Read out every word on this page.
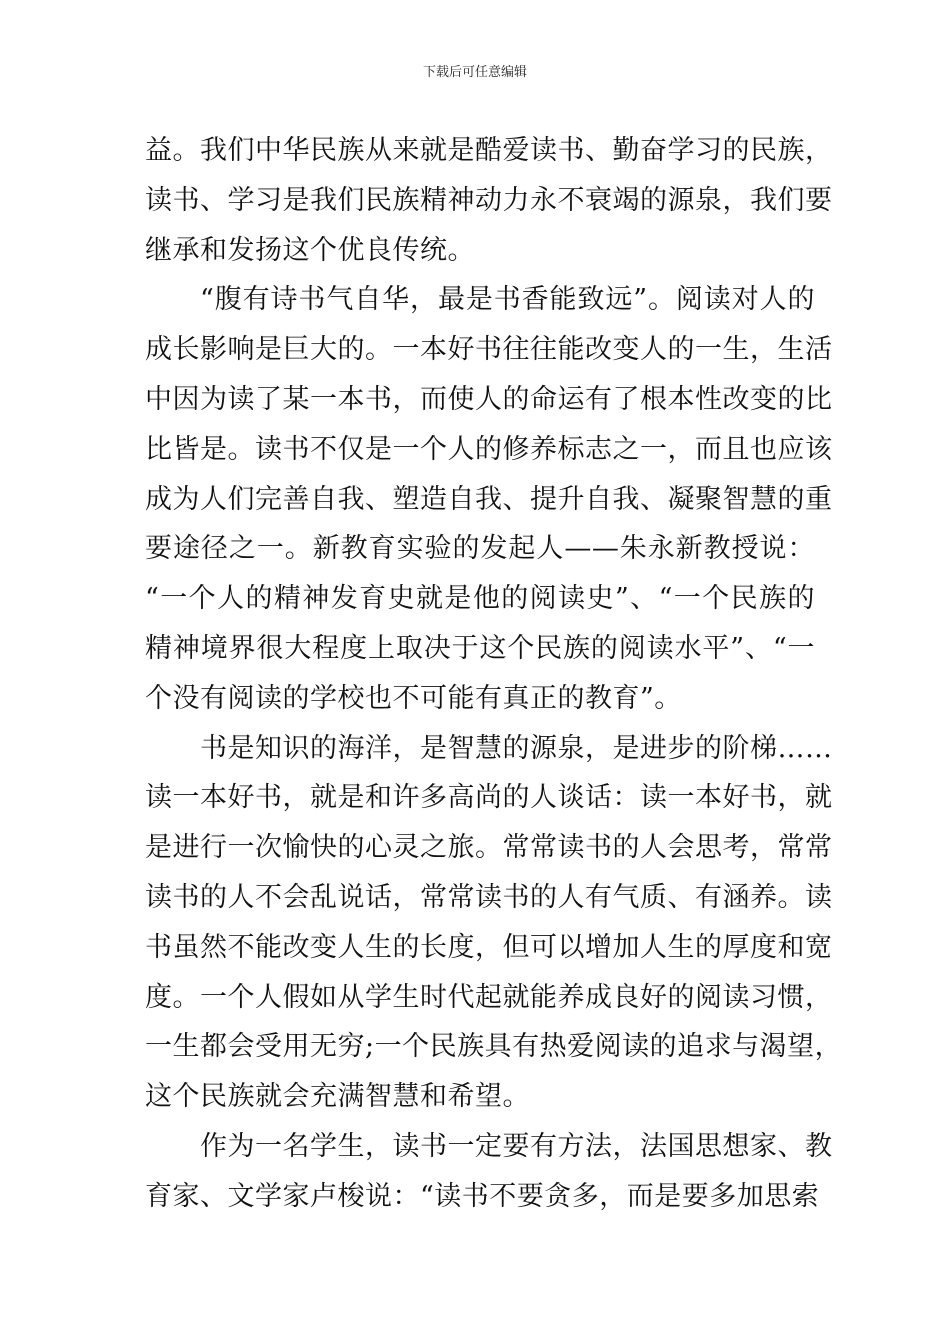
下载后可任意编辑
益。我们中华民族从来就是酷爱读书、勤奋学习的民族，
读书、学习是我们民族精神动力永不衰竭的源泉，我们要
继承和发扬这个优良传统。
“腹有诗书气自华，最是书香能致远”。阅读对人的
成长影响是巨大的。一本好书往往能改变人的一生，生活
中因为读了某一本书，而使人的命运有了根本性改变的比
比皆是。读书不仅是一个人的修养标志之一，而且也应该
成为人们完善自我、塑造自我、提升自我、凝聚智慧的重
要途径之一。新教育实验的发起人——朱永新教授说：
“一个人的精神发育史就是他的阅读史”、“一个民族的
精神境界很大程度上取决于这个民族的阅读水平”、“一
个没有阅读的学校也不可能有真正的教育”。
书是知识的海洋，是智慧的源泉，是进步的阶梯……
读一本好书，就是和许多高尚的人谈话：读一本好书，就
是进行一次愉快的心灵之旅。常常读书的人会思考，常常
读书的人不会乱说话，常常读书的人有气质、有涵养。读
书虽然不能改变人生的长度，但可以增加人生的厚度和宽
度。一个人假如从学生时代起就能养成良好的阅读习惯，
一生都会受用无穷;一个民族具有热爱阅读的追求与渴望，
这个民族就会充满智慧和希望。
作为一名学生，读书一定要有方法，法国思想家、教
育家、文学家卢梭说：“读书不要贪多，而是要多加思索
